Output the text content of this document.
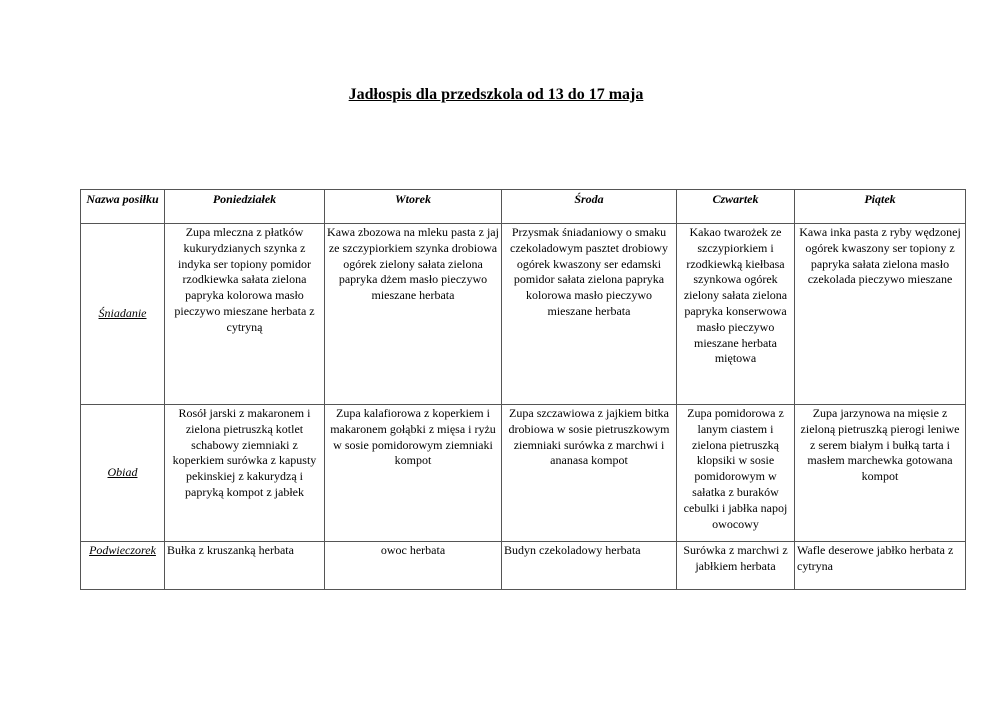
Jadłospis dla przedszkola od 13 do 17 maja
Nazwa posiłku	Poniedziałek	Wtorek	Środa	Czwartek	Piątek
Śniadanie	Zupa mleczna z płatków kukurydzianych szynka z indyka ser topiony pomidor rzodkiewka sałata zielona papryka kolorowa masło pieczywo mieszane herbata z cytryną	Kawa zbozowa na mleku pasta z jaj ze szczypiorkiem szynka drobiowa ogórek zielony sałata zielona papryka dżem masło pieczywo mieszane herbata	Przysmak śniadaniowy o smaku czekoladowym pasztet drobiowy ogórek kwaszony ser edamski pomidor sałata zielona papryka kolorowa masło pieczywo mieszane herbata	Kakao twarożek ze szczypiorkiem i rzodkiewką kiełbasa szynkowa ogórek zielony sałata zielona papryka konserwowa masło pieczywo mieszane herbata miętowa	Kawa inka pasta z ryby wędzonej ogórek kwaszony ser topiony z papryka sałata zielona masło czekolada pieczywo mieszane
Obiad	Rosół jarski z makaronem i zielona pietruszką kotlet schabowy ziemniaki z koperkiem surówka z kapusty pekinskiej z kakurydzą i papryką kompot z jabłek	Zupa kalafiorowa z koperkiem i makaronem gołąbki z mięsa i ryżu w sosie pomidorowym ziemniaki kompot	Zupa szczawiowa z jajkiem bitka drobiowa w sosie pietruszkowym ziemniaki surówka z marchwi i ananasa kompot	Zupa pomidorowa z lanym ciastem i zielona pietruszką klopsiki w sosie pomidorowym w sałatka z buraków cebulki i jabłka napoj owocowy	Zupa jarzynowa na mięsie z zieloną pietruszką pierogi leniwe z serem białym i bułką tarta i masłem marchewka gotowana kompot
Podwieczorek	Bułka z kruszanką herbata	owoc herbata	Budyn czekoladowy herbata	Surówka z marchwi z jabłkiem herbata	Wafle deserowe jabłko herbata z cytryna
